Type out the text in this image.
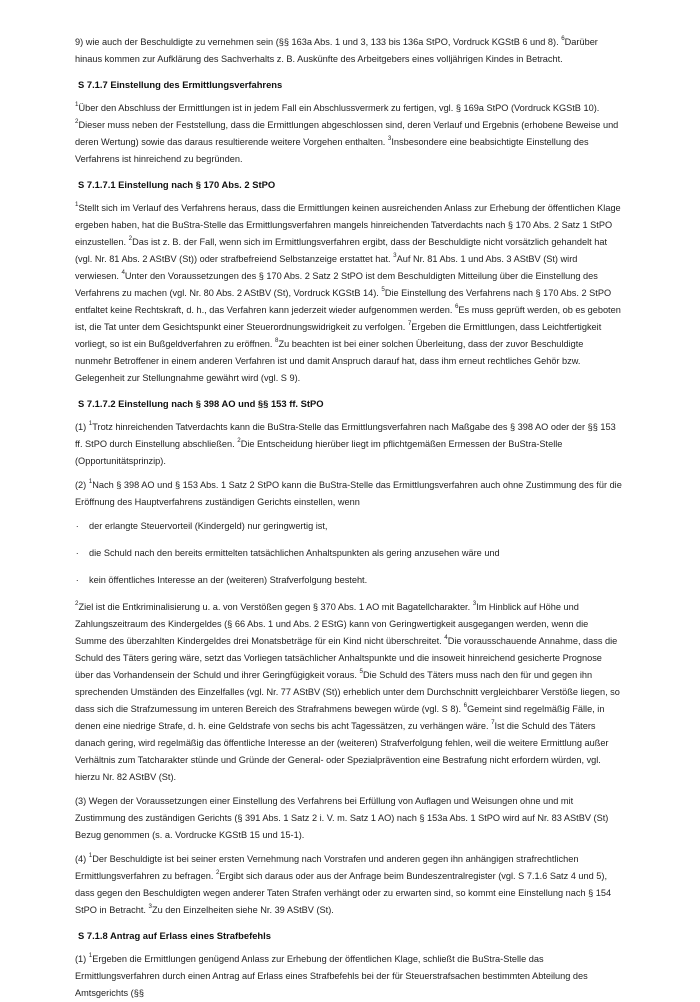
9) wie auch der Beschuldigte zu vernehmen sein (§§ 163a Abs. 1 und 3, 133 bis 136a StPO, Vordruck KGStB 6 und 8). $^6$Darüber hinaus kommen zur Aufklärung des Sachverhalts z. B. Auskünfte des Arbeitgebers eines volljährigen Kindes in Betracht.

S 7.1.7 Einstellung des Ermittlungsverfahrens

$^1$Über den Abschluss der Ermittlungen ist in jedem Fall ein Abschlussvermerk zu fertigen, vgl. § 169a StPO (Vordruck KGStB 10). $^2$Dieser muss neben der Feststellung, dass die Ermittlungen abgeschlossen sind, deren Verlauf und Ergebnis (erhobene Beweise und deren Wertung) sowie das daraus resultierende weitere Vorgehen enthalten. $^3$Insbesondere eine beabsichtigte Einstellung des Verfahrens ist hinreichend zu begründen.

S 7.1.7.1 Einstellung nach § 170 Abs. 2 StPO

$^1$Stellt sich im Verlauf des Verfahrens heraus, dass die Ermittlungen keinen ausreichenden Anlass zur Erhebung der öffentlichen Klage ergeben haben, hat die BuStra-Stelle das Ermittlungsverfahren mangels hinreichenden Tatverdachts nach § 170 Abs. 2 Satz 1 StPO einzustellen. $^2$Das ist z. B. der Fall, wenn sich im Ermittlungsverfahren ergibt, dass der Beschuldigte nicht vorsätzlich gehandelt hat (vgl. Nr. 81 Abs. 2 AStBV (St)) oder strafbefreiend Selbstanzeige erstattet hat. $^3$Auf Nr. 81 Abs. 1 und Abs. 3 AStBV (St) wird verwiesen. $^4$Unter den Voraussetzungen des § 170 Abs. 2 Satz 2 StPO ist dem Beschuldigten Mitteilung über die Einstellung des Verfahrens zu machen (vgl. Nr. 80 Abs. 2 AStBV (St), Vordruck KGStB 14). $^5$Die Einstellung des Verfahrens nach § 170 Abs. 2 StPO entfaltet keine Rechtskraft, d. h., das Verfahren kann jederzeit wieder aufgenommen werden. $^6$Es muss geprüft werden, ob es geboten ist, die Tat unter dem Gesichtspunkt einer Steuerordnungswidrigkeit zu verfolgen. $^7$Ergeben die Ermittlungen, dass Leichtfertigkeit vorliegt, so ist ein Bußgeldverfahren zu eröffnen. $^8$Zu beachten ist bei einer solchen Überleitung, dass der zuvor Beschuldigte nunmehr Betroffener in einem anderen Verfahren ist und damit Anspruch darauf hat, dass ihm erneut rechtliches Gehör bzw. Gelegenheit zur Stellungnahme gewährt wird (vgl. S 9).

S 7.1.7.2 Einstellung nach § 398 AO und §§ 153 ff. StPO

(1) $^1$Trotz hinreichenden Tatverdachts kann die BuStra-Stelle das Ermittlungsverfahren nach Maßgabe des § 398 AO oder der §§ 153 ff. StPO durch Einstellung abschließen. $^2$Die Entscheidung hierüber liegt im pflichtgemäßen Ermessen der BuStra-Stelle (Opportunitätsprinzip).

(2) $^1$Nach § 398 AO und § 153 Abs. 1 Satz 2 StPO kann die BuStra-Stelle das Ermittlungsverfahren auch ohne Zustimmung des für die Eröffnung des Hauptverfahrens zuständigen Gerichts einstellen, wenn

. der erlangte Steuervorteil (Kindergeld) nur geringwertig ist,
. die Schuld nach den bereits ermittelten tatsächlichen Anhaltspunkten als gering anzusehen wäre und
. kein öffentliches Interesse an der (weiteren) Strafverfolgung besteht.

$^2$Ziel ist die Entkriminalisierung u. a. von Verstößen gegen § 370 Abs. 1 AO mit Bagatellcharakter. $^3$Im Hinblick auf Höhe und Zahlungszeitraum des Kindergeldes (§ 66 Abs. 1 und Abs. 2 EStG) kann von Geringwertigkeit ausgegangen werden, wenn die Summe des überzahlten Kindergeldes drei Monatsbeträge für ein Kind nicht überschreitet. $^4$Die vorausschauende Annahme, dass die Schuld des Täters gering wäre, setzt das Vorliegen tatsächlicher Anhaltspunkte und die insoweit hinreichend gesicherte Prognose über das Vorhandensein der Schuld und ihrer Geringfügigkeit voraus. $^5$Die Schuld des Täters muss nach den für und gegen ihn sprechenden Umständen des Einzelfalles (vgl. Nr. 77 AStBV (St)) erheblich unter dem Durchschnitt vergleichbarer Verstöße liegen, so dass sich die Strafzumessung im unteren Bereich des Strafrahmens bewegen würde (vgl. S 8). $^6$Gemeint sind regelmäßig Fälle, in denen eine niedrige Strafe, d. h. eine Geldstrafe von sechs bis acht Tagessätzen, zu verhängen wäre. $^7$Ist die Schuld des Täters danach gering, wird regelmäßig das öffentliche Interesse an der (weiteren) Strafverfolgung fehlen, weil die weitere Ermittlung außer Verhältnis zum Tatcharakter stünde und Gründe der General- oder Spezialprävention eine Bestrafung nicht erfordern würden, vgl. hierzu Nr. 82 AStBV (St).

(3) Wegen der Voraussetzungen einer Einstellung des Verfahrens bei Erfüllung von Auflagen und Weisungen ohne und mit Zustimmung des zuständigen Gerichts (§ 391 Abs. 1 Satz 2 i. V. m. Satz 1 AO) nach § 153a Abs. 1 StPO wird auf Nr. 83 AStBV (St) Bezug genommen (s. a. Vordrucke KGStB 15 und 15-1).

(4) $^1$Der Beschuldigte ist bei seiner ersten Vernehmung nach Vorstrafen und anderen gegen ihn anhängigen strafrechtlichen Ermittlungsverfahren zu befragen. $^2$Ergibt sich daraus oder aus der Anfrage beim Bundeszentralregister (vgl. S 7.1.6 Satz 4 und 5), dass gegen den Beschuldigten wegen anderer Taten Strafen verhängt oder zu erwarten sind, so kommt eine Einstellung nach § 154 StPO in Betracht. $^3$Zu den Einzelheiten siehe Nr. 39 AStBV (St).

S 7.1.8 Antrag auf Erlass eines Strafbefehls

(1) $^1$Ergeben die Ermittlungen genügend Anlass zur Erhebung der öffentlichen Klage, schließt die BuStra-Stelle das Ermittlungsverfahren durch einen Antrag auf Erlass eines Strafbefehls bei der für Steuerstrafsachen bestimmten Abteilung des Amtsgerichts (§§
